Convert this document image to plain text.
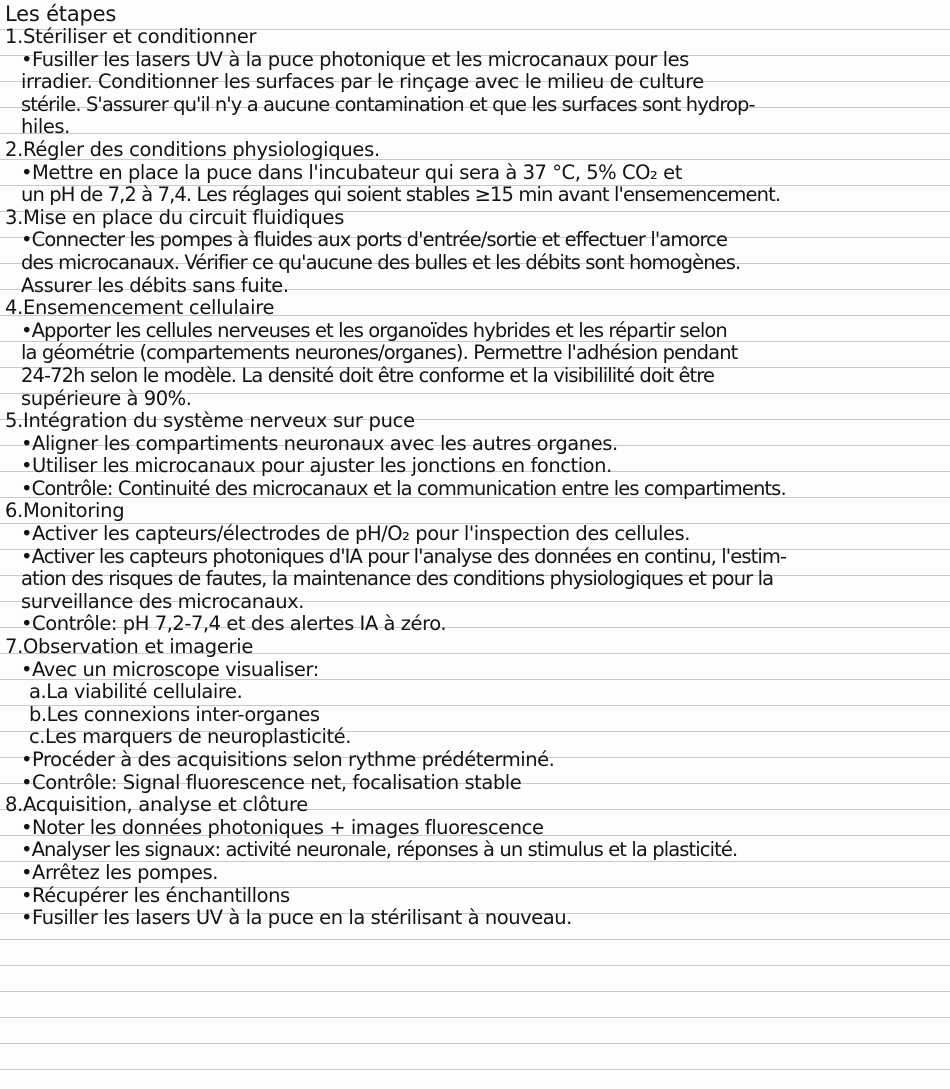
Les étapes

1.Stériliser et conditionner

•Fusiller les lasers UV à la puce photonique et les microcanaux pour les

irradier. Conditionner les surfaces par le rinçage avec le milieu de culture

stérile. S'assurer qu'il n'y a aucune contamination et que les surfaces sont hydrop-

hiles.

2.Régler des conditions physiologiques.

•Mettre en place la puce dans l'incubateur qui sera à 37 °C, 5% CO₂ et

un pH de 7,2 à 7,4. Les réglages qui soient stables ≥15 min avant l'ensemencement.

3.Mise en place du circuit fluidiques

•Connecter les pompes à fluides aux ports d'entrée/sortie et effectuer l'amorce

des microcanaux. Vérifier ce qu'aucune des bulles et les débits sont homogènes.

Assurer les débits sans fuite.

4.Ensemencement cellulaire

•Apporter les cellules nerveuses et les organoïdes hybrides et les répartir selon

la géométrie (compartements neurones/organes). Permettre l'adhésion pendant

24-72h selon le modèle. La densité doit être conforme et la visibililité doit être

supérieure à 90%.

5.Intégration du système nerveux sur puce

•Aligner les compartiments neuronaux avec les autres organes.

•Utiliser les microcanaux pour ajuster les jonctions en fonction.

•Contrôle: Continuité des microcanaux et la communication entre les compartiments.

6.Monitoring

•Activer les capteurs/électrodes de pH/O₂ pour l'inspection des cellules.

•Activer les capteurs photoniques d'IA pour l'analyse des données en continu, l'estim-

ation des risques de fautes, la maintenance des conditions physiologiques et pour la

surveillance des microcanaux.

•Contrôle: pH 7,2-7,4 et des alertes IA à zéro.

7.Observation et imagerie

•Avec un microscope visualiser:

a.La viabilité cellulaire.

b.Les connexions inter-organes

c.Les marquers de neuroplasticité.

•Procéder à des acquisitions selon rythme prédéterminé.

•Contrôle: Signal fluorescence net, focalisation stable

8.Acquisition, analyse et clôture

•Noter les données photoniques + images fluorescence

•Analyser les signaux: activité neuronale, réponses à un stimulus et la plasticité.

•Arrêtez les pompes.

•Récupérer les énchantillons

•Fusiller les lasers UV à la puce en la stérilisant à nouveau.
